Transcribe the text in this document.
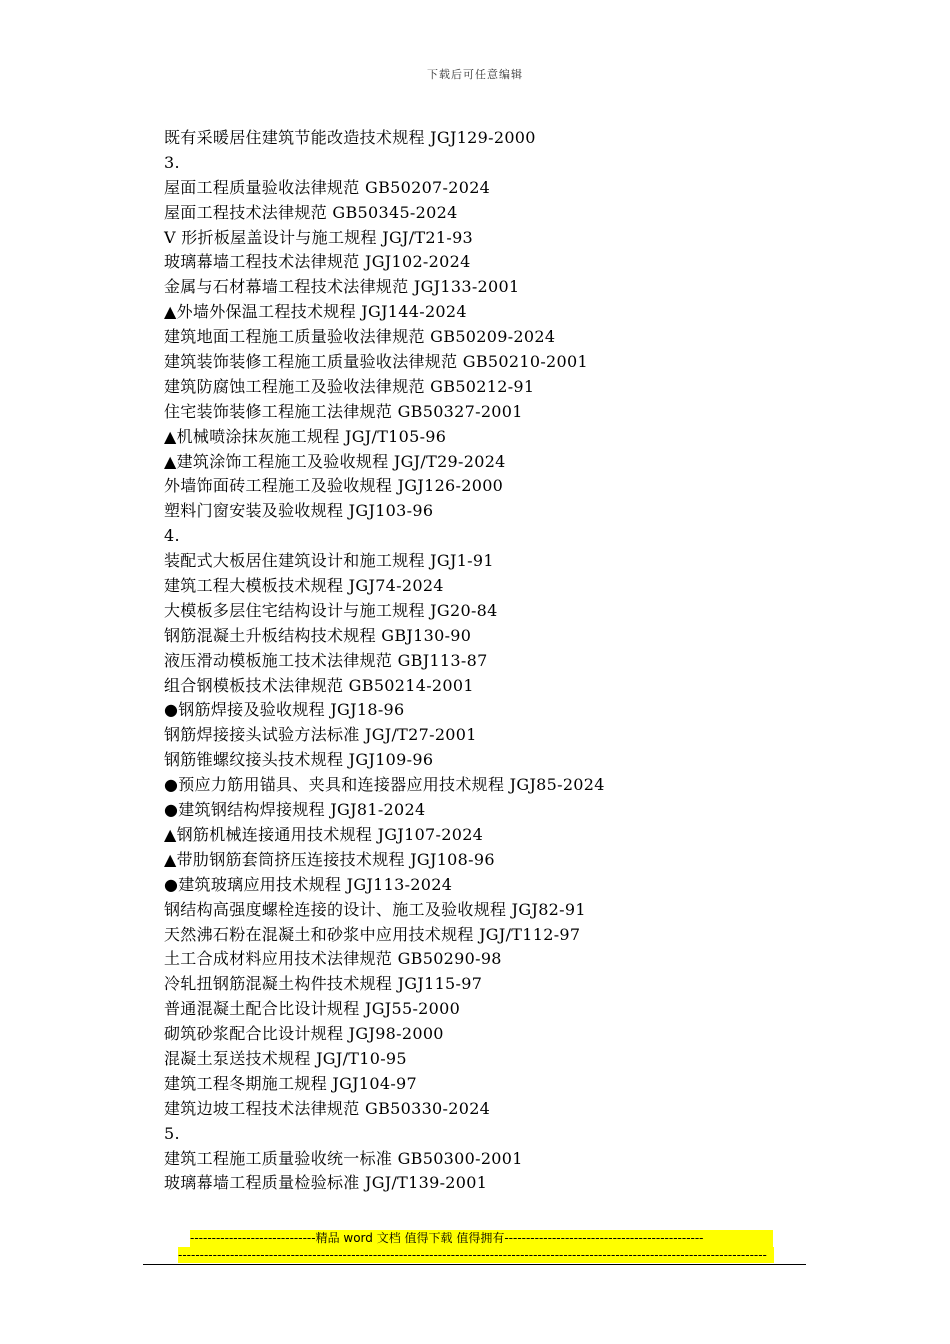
下载后可任意编辑
既有采暖居住建筑节能改造技术规程 JGJ129-2000
3.
屋面工程质量验收法律规范 GB50207-2024
屋面工程技术法律规范 GB50345-2024
V 形折板屋盖设计与施工规程 JGJ/T21-93
玻璃幕墙工程技术法律规范 JGJ102-2024
金属与石材幕墙工程技术法律规范 JGJ133-2001
▲外墙外保温工程技术规程 JGJ144-2024
建筑地面工程施工质量验收法律规范 GB50209-2024
建筑装饰装修工程施工质量验收法律规范 GB50210-2001
建筑防腐蚀工程施工及验收法律规范 GB50212-91
住宅装饰装修工程施工法律规范 GB50327-2001
▲机械喷涂抹灰施工规程 JGJ/T105-96
▲建筑涂饰工程施工及验收规程 JGJ/T29-2024
外墙饰面砖工程施工及验收规程 JGJ126-2000
塑料门窗安装及验收规程 JGJ103-96
4.
装配式大板居住建筑设计和施工规程 JGJ1-91
建筑工程大模板技术规程 JGJ74-2024
大模板多层住宅结构设计与施工规程 JG20-84
钢筋混凝土升板结构技术规程 GBJ130-90
液压滑动模板施工技术法律规范 GBJ113-87
组合钢模板技术法律规范 GB50214-2001
●钢筋焊接及验收规程 JGJ18-96
钢筋焊接接头试验方法标准 JGJ/T27-2001
钢筋锥螺纹接头技术规程 JGJ109-96
●预应力筋用锚具、夹具和连接器应用技术规程 JGJ85-2024
●建筑钢结构焊接规程 JGJ81-2024
▲钢筋机械连接通用技术规程 JGJ107-2024
▲带肋钢筋套筒挤压连接技术规程 JGJ108-96
●建筑玻璃应用技术规程 JGJ113-2024
钢结构高强度螺栓连接的设计、施工及验收规程 JGJ82-91
天然沸石粉在混凝土和砂浆中应用技术规程 JGJ/T112-97
土工合成材料应用技术法律规范 GB50290-98
冷轧扭钢筋混凝土构件技术规程 JGJ115-97
普通混凝土配合比设计规程 JGJ55-2000
砌筑砂浆配合比设计规程 JGJ98-2000
混凝土泵送技术规程 JGJ/T10-95
建筑工程冬期施工规程 JGJ104-97
建筑边坡工程技术法律规范 GB50330-2024
5.
建筑工程施工质量验收统一标准 GB50300-2001
玻璃幕墙工程质量检验标准 JGJ/T139-2001
-----------------------------精品 word 文档 值得下载 值得拥有----------------------------------------------
----------------------------------------------------------------------------------------------------------------------------------------
